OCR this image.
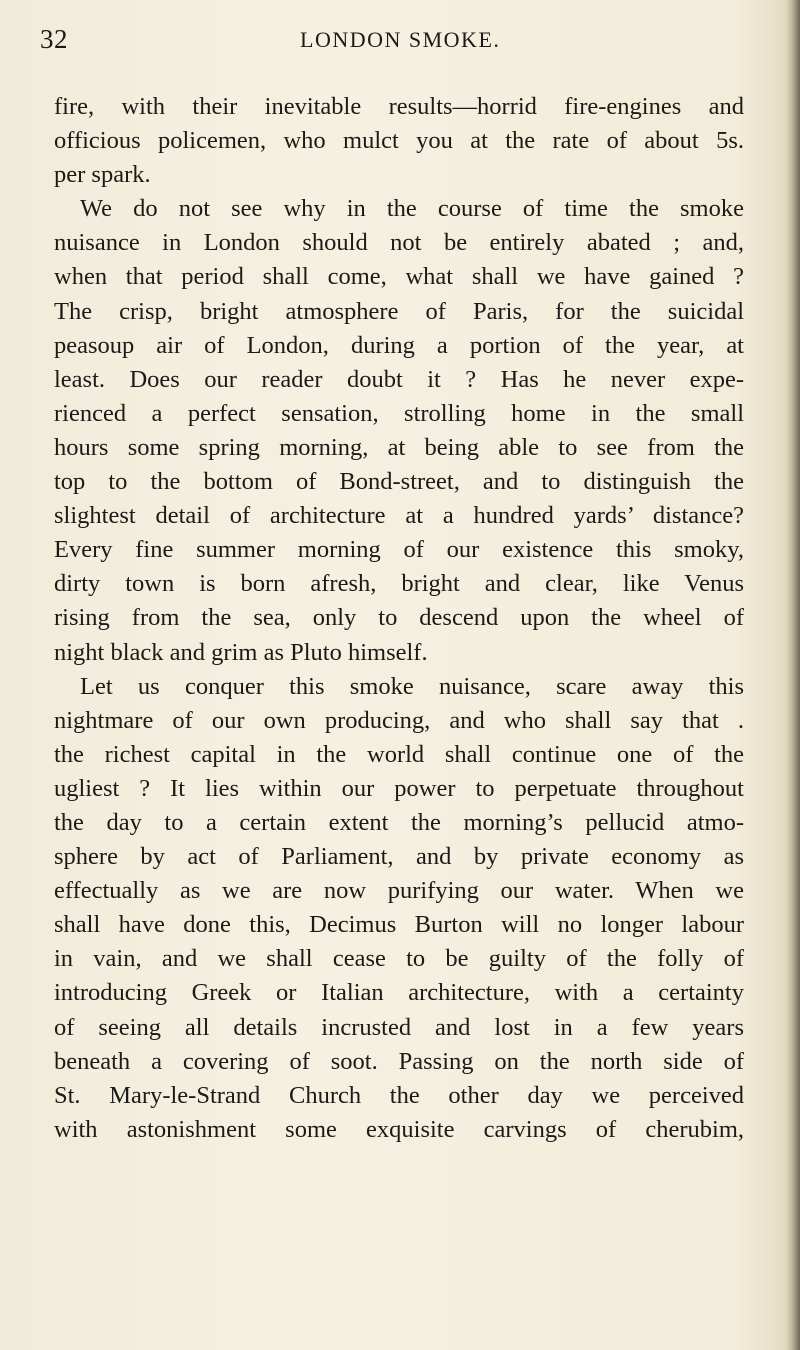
32	LONDON SMOKE.
fire, with their inevitable results—horrid fire-engines and
officious policemen, who mulct you at the rate of about 5s.
per spark.
We do not see why in the course of time the smoke
nuisance in London should not be entirely abated ; and,
when that period shall come, what shall we have gained ?
The crisp, bright atmosphere of Paris, for the suicidal
peasoup air of London, during a portion of the year, at
least. Does our reader doubt it ? Has he never expe-
rienced a perfect sensation, strolling home in the small
hours some spring morning, at being able to see from the
top to the bottom of Bond-street, and to distinguish the
slightest detail of architecture at a hundred yards’ distance?
Every fine summer morning of our existence this smoky,
dirty town is born afresh, bright and clear, like Venus
rising from the sea, only to descend upon the wheel of
night black and grim as Pluto himself.
Let us conquer this smoke nuisance, scare away this
nightmare of our own producing, and who shall say that .
the richest capital in the world shall continue one of the
ugliest ? It lies within our power to perpetuate throughout
the day to a certain extent the morning’s pellucid atmo-
sphere by act of Parliament, and by private economy as
effectually as we are now purifying our water. When we
shall have done this, Decimus Burton will no longer labour
in vain, and we shall cease to be guilty of the folly of
introducing Greek or Italian architecture, with a certainty
of seeing all details incrusted and lost in a few years
beneath a covering of soot. Passing on the north side of
St. Mary-le-Strand Church the other day we perceived
with astonishment some exquisite carvings of cherubim,
